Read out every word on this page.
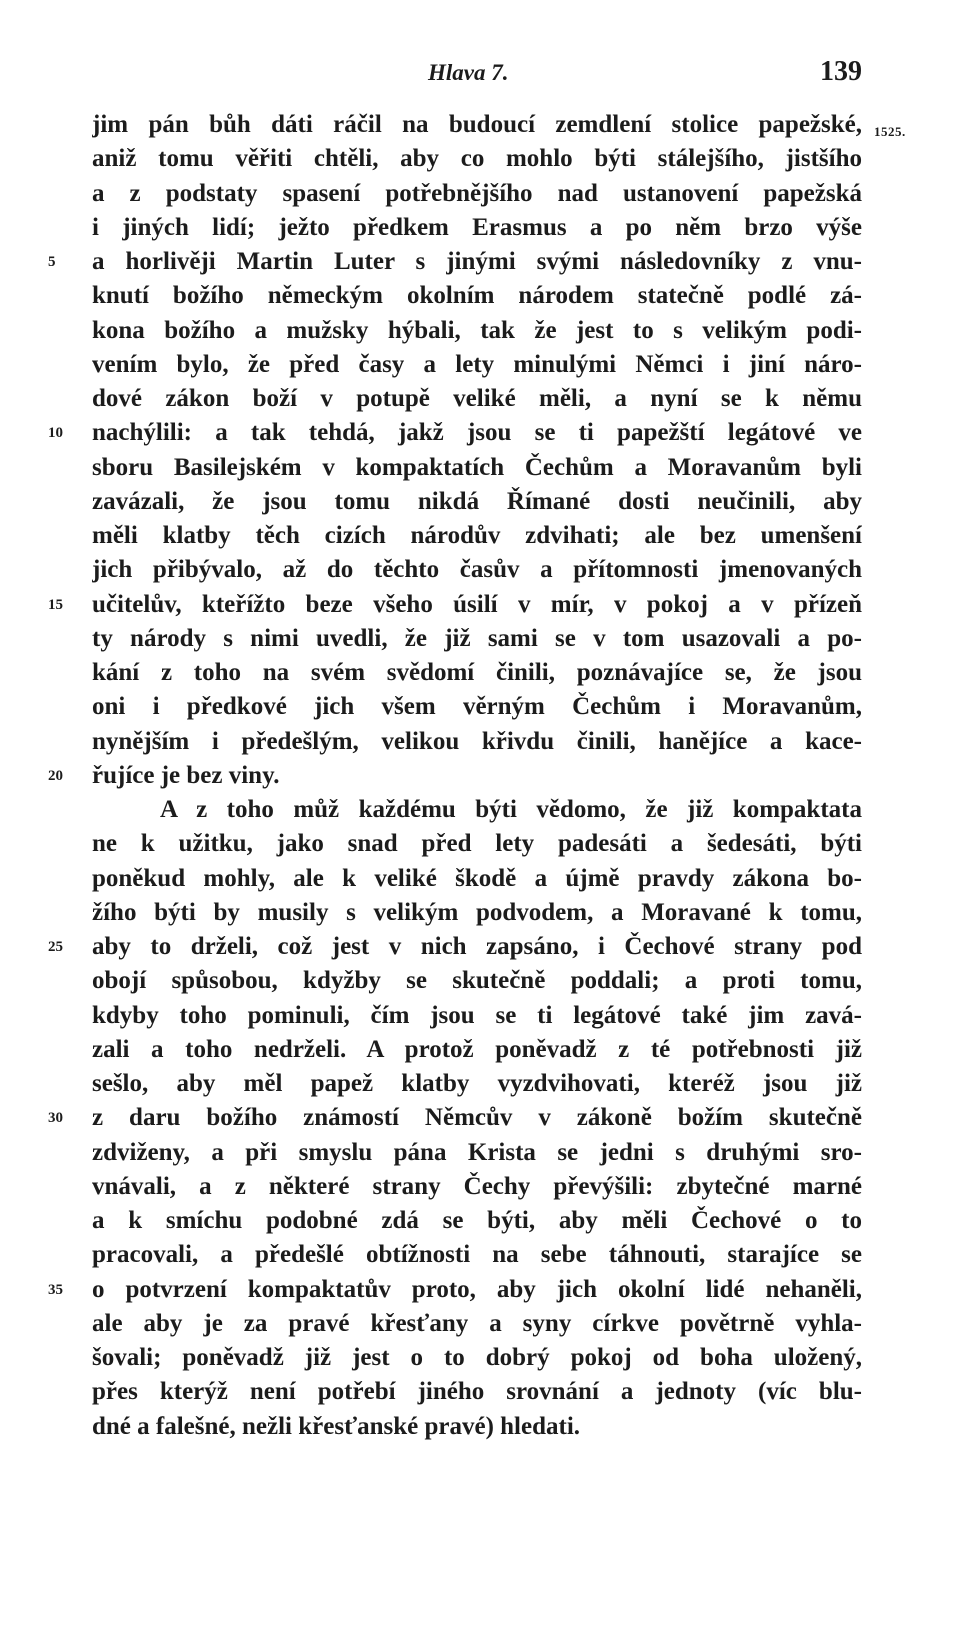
Hlava 7.	139
1525.
jim pán bůh dáti ráčil na budoucí zemdlení stolice papežské,
aniž tomu věřiti chtěli, aby co mohlo býti stálejšího, jistšího
a z podstaty spasení potřebnějšího nad ustanovení papežská
i jiných lidí; ježto předkem Erasmus a po něm brzo výše
5	a horlivěji Martin Luter s jinými svými následovníky z vnu-
knutí božího německým okolním národem statečně podlé zá-
kona božího a mužsky hýbali, tak že jest to s velikým podi-
vením bylo, že před časy a lety minulými Němci i jiní náro-
dové zákon boží v potupě veliké měli, a nyní se k němu
10	nachýlili: a tak tehdá, jakž jsou se ti papežští legátové ve
sboru Basilejském v kompaktatích Čechům a Moravanům byli
zavázali, že jsou tomu nikdá Římané dosti neučinili, aby
měli klatby těch cizích národův zdvihati; ale bez umenšení
jich přibývalo, až do těchto časův a přítomnosti jmenovaných
15	učitelův, kteřížto beze všeho úsilí v mír, v pokoj a v přízeň
ty národy s nimi uvedli, že již sami se v tom usazovali a po-
kání z toho na svém svědomí činili, poznávajíce se, že jsou
oni i předkové jich všem věrným Čechům i Moravanům,
nynějším i předešlým, velikou křivdu činili, hanějíce a kace-
20	řujíce je bez viny.
A z toho můž každému býti vědomo, že již kompaktata
ne k užitku, jako snad před lety padesáti a šedesáti, býti
poněkud mohly, ale k veliké škodě a újmě pravdy zákona bo-
žího býti by musily s velikým podvodem, a Moravané k tomu,
25	aby to drželi, což jest v nich zapsáno, i Čechové strany pod
obojí spůsobou, kdyžby se skutečně poddali; a proti tomu,
kdyby toho pominuli, čím jsou se ti legátové také jim zavá-
zali a toho nedrželi. A protož poněvadž z té potřebnosti již
sešlo, aby měl papež klatby vyzdvihovati, kteréž jsou již
30	z daru božího známostí Němcův v zákoně božím skutečně
zdviženy, a při smyslu pána Krista se jedni s druhými sro-
vnávali, a z některé strany Čechy převýšili: zbytečné marné
a k smíchu podobné zdá se býti, aby měli Čechové o to
pracovali, a předešlé obtížnosti na sebe táhnouti, starajíce se
35	o potvrzení kompaktatův proto, aby jich okolní lidé nehaněli,
ale aby je za pravé křesťany a syny církve povětrně vyhla-
šovali; poněvadž již jest o to dobrý pokoj od boha uložený,
přes kterýž není potřebí jiného srovnání a jednoty (víc blu-
dné a falešné, nežli křesťanské pravé) hledati.
